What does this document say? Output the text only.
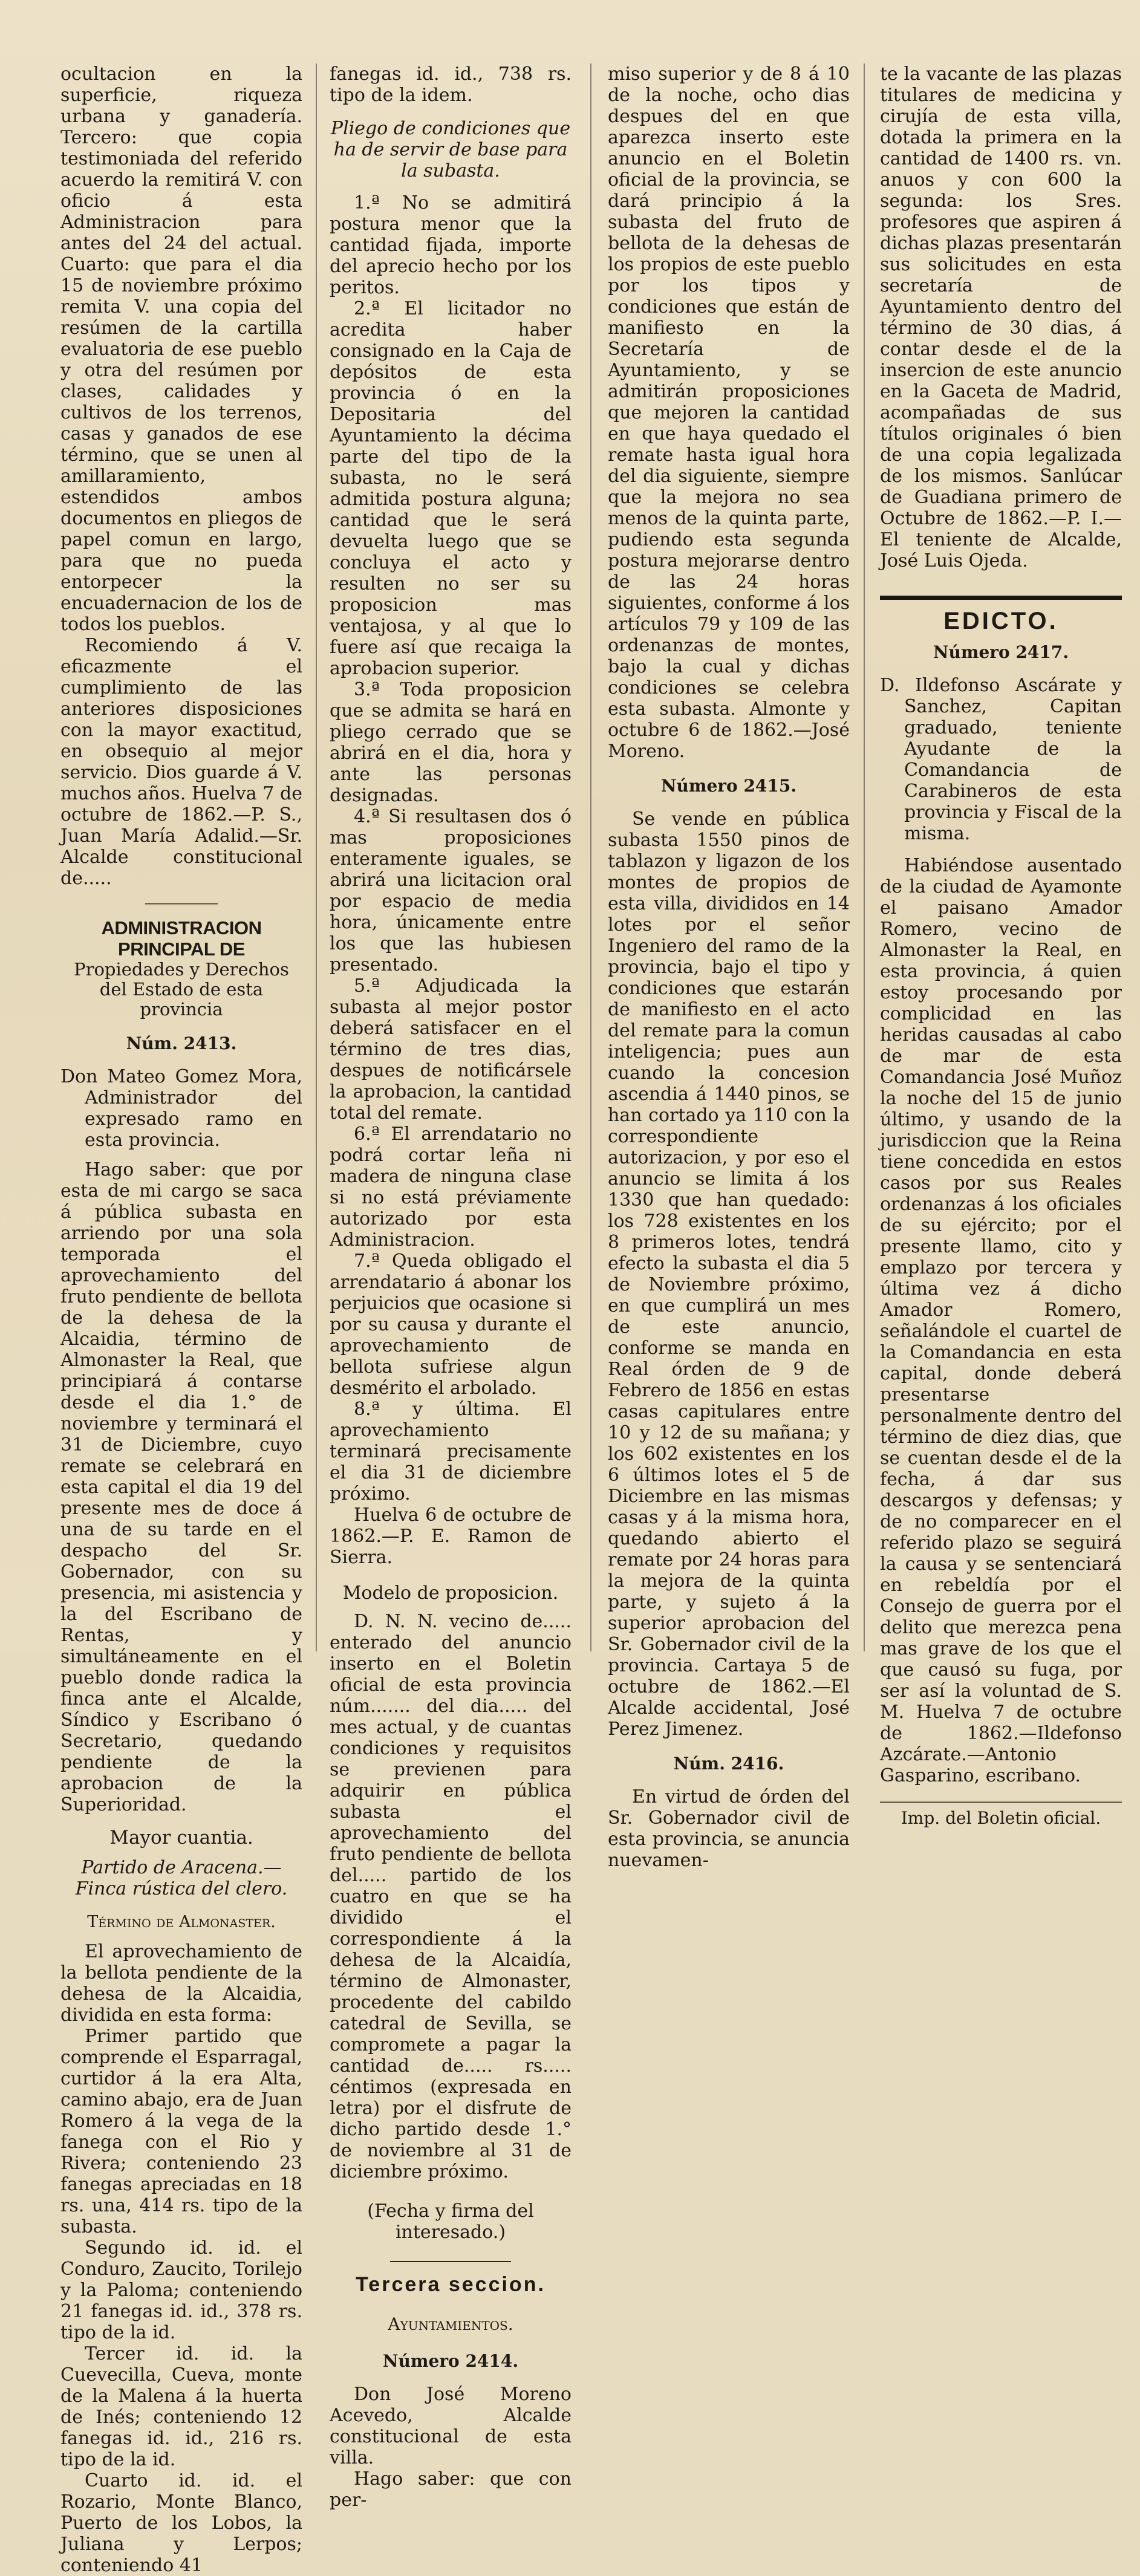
ocultacion en la superficie, riqueza urbana y ganadería. Tercero: que copia testimoniada del referido acuerdo la remitirá V. con oficio á esta Administracion para antes del 24 del actual. Cuarto: que para el dia 15 de noviembre próximo remita V. una copia del resúmen de la cartilla evaluatoria de ese pueblo y otra del resúmen por clases, calidades y cultivos de los terrenos, casas y ganados de ese término, que se unen al amillaramiento, estendidos ambos documentos en pliegos de papel comun en largo, para que no pueda entorpecer la encuadernacion de los de todos los pueblos.

Recomiendo á V. eficazmente el cumplimiento de las anteriores disposiciones con la mayor exactitud, en obsequio al mejor servicio. Dios guarde á V. muchos años. Huelva 7 de octubre de 1862.—P. S., Juan María Adalid.—Sr. Alcalde constitucional de.....

ADMINISTRACION PRINCIPAL DE
Propiedades y Derechos del Estado de esta provincia
Núm. 2413.

Don Mateo Gomez Mora, Administrador del expresado ramo en esta provincia.

Hago saber: que por esta de mi cargo se saca á pública subasta en arriendo por una sola temporada el aprovechamiento del fruto pendiente de bellota de la dehesa de la Alcaidia, término de Almonaster la Real, que principiará á contarse desde el dia 1.° de noviembre y terminará el 31 de Diciembre, cuyo remate se celebrará en esta capital el dia 19 del presente mes de doce á una de su tarde en el despacho del Sr. Gobernador, con su presencia, mi asistencia y la del Escribano de Rentas, y simultáneamente en el pueblo donde radica la finca ante el Alcalde, Síndico y Escribano ó Secretario, quedando pendiente de la aprobacion de la Superioridad.

Mayor cuantia.
Partido de Aracena.—Finca rústica del clero.
Término de Almonaster.

El aprovechamiento de la bellota pendiente de la dehesa de la Alcaidia, dividida en esta forma:

Primer partido que comprende el Esparragal, curtidor á la era Alta, camino abajo, era de Juan Romero á la vega de la fanega con el Rio y Rivera; conteniendo 23 fanegas apreciadas en 18 rs. una, 414 rs. tipo de la subasta.

Segundo id. id. el Conduro, Zaucito, Torilejo y la Paloma; conteniendo 21 fanegas id. id., 378 rs. tipo de la id.

Tercer id. id. la Cuevecilla, Cueva, monte de la Malena á la huerta de Inés; conteniendo 12 fanegas id. id., 216 rs. tipo de la id.

Cuarto id. id. el Rozario, Monte Blanco, Puerto de los Lobos, la Juliana y Lerpos; conteniendo 41

fanegas id. id., 738 rs. tipo de la idem.

Pliego de condiciones que ha de servir de base para la subasta.

1.ª No se admitirá postura menor que la cantidad fijada, importe del aprecio hecho por los peritos.

2.ª El licitador no acredita haber consignado en la Caja de depósitos de esta provincia ó en la Depositaria del Ayuntamiento la décima parte del tipo de la subasta, no le será admitida postura alguna; cantidad que le será devuelta luego que se concluya el acto y resulten no ser su proposicion mas ventajosa, y al que lo fuere así que recaiga la aprobacion superior.

3.ª Toda proposicion que se admita se hará en pliego cerrado que se abrirá en el dia, hora y ante las personas designadas.

4.ª Si resultasen dos ó mas proposiciones enteramente iguales, se abrirá una licitacion oral por espacio de media hora, únicamente entre los que las hubiesen presentado.

5.ª Adjudicada la subasta al mejor postor deberá satisfacer en el término de tres dias, despues de notificársele la aprobacion, la cantidad total del remate.

6.ª El arrendatario no podrá cortar leña ni madera de ninguna clase si no está préviamente autorizado por esta Administracion.

7.ª Queda obligado el arrendatario á abonar los perjuicios que ocasione si por su causa y durante el aprovechamiento de bellota sufriese algun desmérito el arbolado.

8.ª y última. El aprovechamiento terminará precisamente el dia 31 de diciembre próximo.

Huelva 6 de octubre de 1862.—P. E. Ramon de Sierra.

Modelo de proposicion.

D. N. N. vecino de..... enterado del anuncio inserto en el Boletin oficial de esta provincia núm....... del dia..... del mes actual, y de cuantas condiciones y requisitos se previenen para adquirir en pública subasta el aprovechamiento del fruto pendiente de bellota del..... partido de los cuatro en que se ha dividido el correspondiente á la dehesa de la Alcaidía, término de Almonaster, procedente del cabildo catedral de Sevilla, se compromete a pagar la cantidad de..... rs..... céntimos (expresada en letra) por el disfrute de dicho partido desde 1.° de noviembre al 31 de diciembre próximo.

(Fecha y firma del interesado.)
Tercera seccion.
Ayuntamientos.
Número 2414.

Don José Moreno Acevedo, Alcalde constitucional de esta villa.

Hago saber: que con per-

miso superior y de 8 á 10 de la noche, ocho dias despues del en que aparezca inserto este anuncio en el Boletin oficial de la provincia, se dará principio á la subasta del fruto de bellota de la dehesas de los propios de este pueblo por los tipos y condiciones que están de manifiesto en la Secretaría de Ayuntamiento, y se admitirán proposiciones que mejoren la cantidad en que haya quedado el remate hasta igual hora del dia siguiente, siempre que la mejora no sea menos de la quinta parte, pudiendo esta segunda postura mejorarse dentro de las 24 horas siguientes, conforme á los artículos 79 y 109 de las ordenanzas de montes, bajo la cual y dichas condiciones se celebra esta subasta. Almonte y octubre 6 de 1862.—José Moreno.

Número 2415.

Se vende en pública subasta 1550 pinos de tablazon y ligazon de los montes de propios de esta villa, divididos en 14 lotes por el señor Ingeniero del ramo de la provincia, bajo el tipo y condiciones que estarán de manifiesto en el acto del remate para la comun inteligencia; pues aun cuando la concesion ascendia á 1440 pinos, se han cortado ya 110 con la correspondiente autorizacion, y por eso el anuncio se limita á los 1330 que han quedado: los 728 existentes en los 8 primeros lotes, tendrá efecto la subasta el dia 5 de Noviembre próximo, en que cumplirá un mes de este anuncio, conforme se manda en Real órden de 9 de Febrero de 1856 en estas casas capitulares entre 10 y 12 de su mañana; y los 602 existentes en los 6 últimos lotes el 5 de Diciembre en las mismas casas y á la misma hora, quedando abierto el remate por 24 horas para la mejora de la quinta parte, y sujeto á la superior aprobacion del Sr. Gobernador civil de la provincia. Cartaya 5 de octubre de 1862.—El Alcalde accidental, José Perez Jimenez.

Núm. 2416.

En virtud de órden del Sr. Gobernador civil de esta provincia, se anuncia nuevamen-

te la vacante de las plazas titulares de medicina y cirujía de esta villa, dotada la primera en la cantidad de 1400 rs. vn. anuos y con 600 la segunda: los Sres. profesores que aspiren á dichas plazas presentarán sus solicitudes en esta secretaría de Ayuntamiento dentro del término de 30 dias, á contar desde el de la insercion de este anuncio en la Gaceta de Madrid, acompañadas de sus títulos originales ó bien de una copia legalizada de los mismos. Sanlúcar de Guadiana primero de Octubre de 1862.—P. I.—El teniente de Alcalde, José Luis Ojeda.

EDICTO.
Número 2417.

D. Ildefonso Ascárate y Sanchez, Capitan graduado, teniente Ayudante de la Comandancia de Carabineros de esta provincia y Fiscal de la misma.

Habiéndose ausentado de la ciudad de Ayamonte el paisano Amador Romero, vecino de Almonaster la Real, en esta provincia, á quien estoy procesando por complicidad en las heridas causadas al cabo de mar de esta Comandancia José Muñoz la noche del 15 de junio último, y usando de la jurisdiccion que la Reina tiene concedida en estos casos por sus Reales ordenanzas á los oficiales de su ejército; por el presente llamo, cito y emplazo por tercera y última vez á dicho Amador Romero, señalándole el cuartel de la Comandancia en esta capital, donde deberá presentarse personalmente dentro del término de diez dias, que se cuentan desde el de la fecha, á dar sus descargos y defensas; y de no comparecer en el referido plazo se seguirá la causa y se sentenciará en rebeldía por el Consejo de guerra por el delito que merezca pena mas grave de los que el que causó su fuga, por ser así la voluntad de S. M. Huelva 7 de octubre de 1862.—Ildefonso Azcárate.—Antonio Gasparino, escribano.

Imp. del Boletin oficial.
